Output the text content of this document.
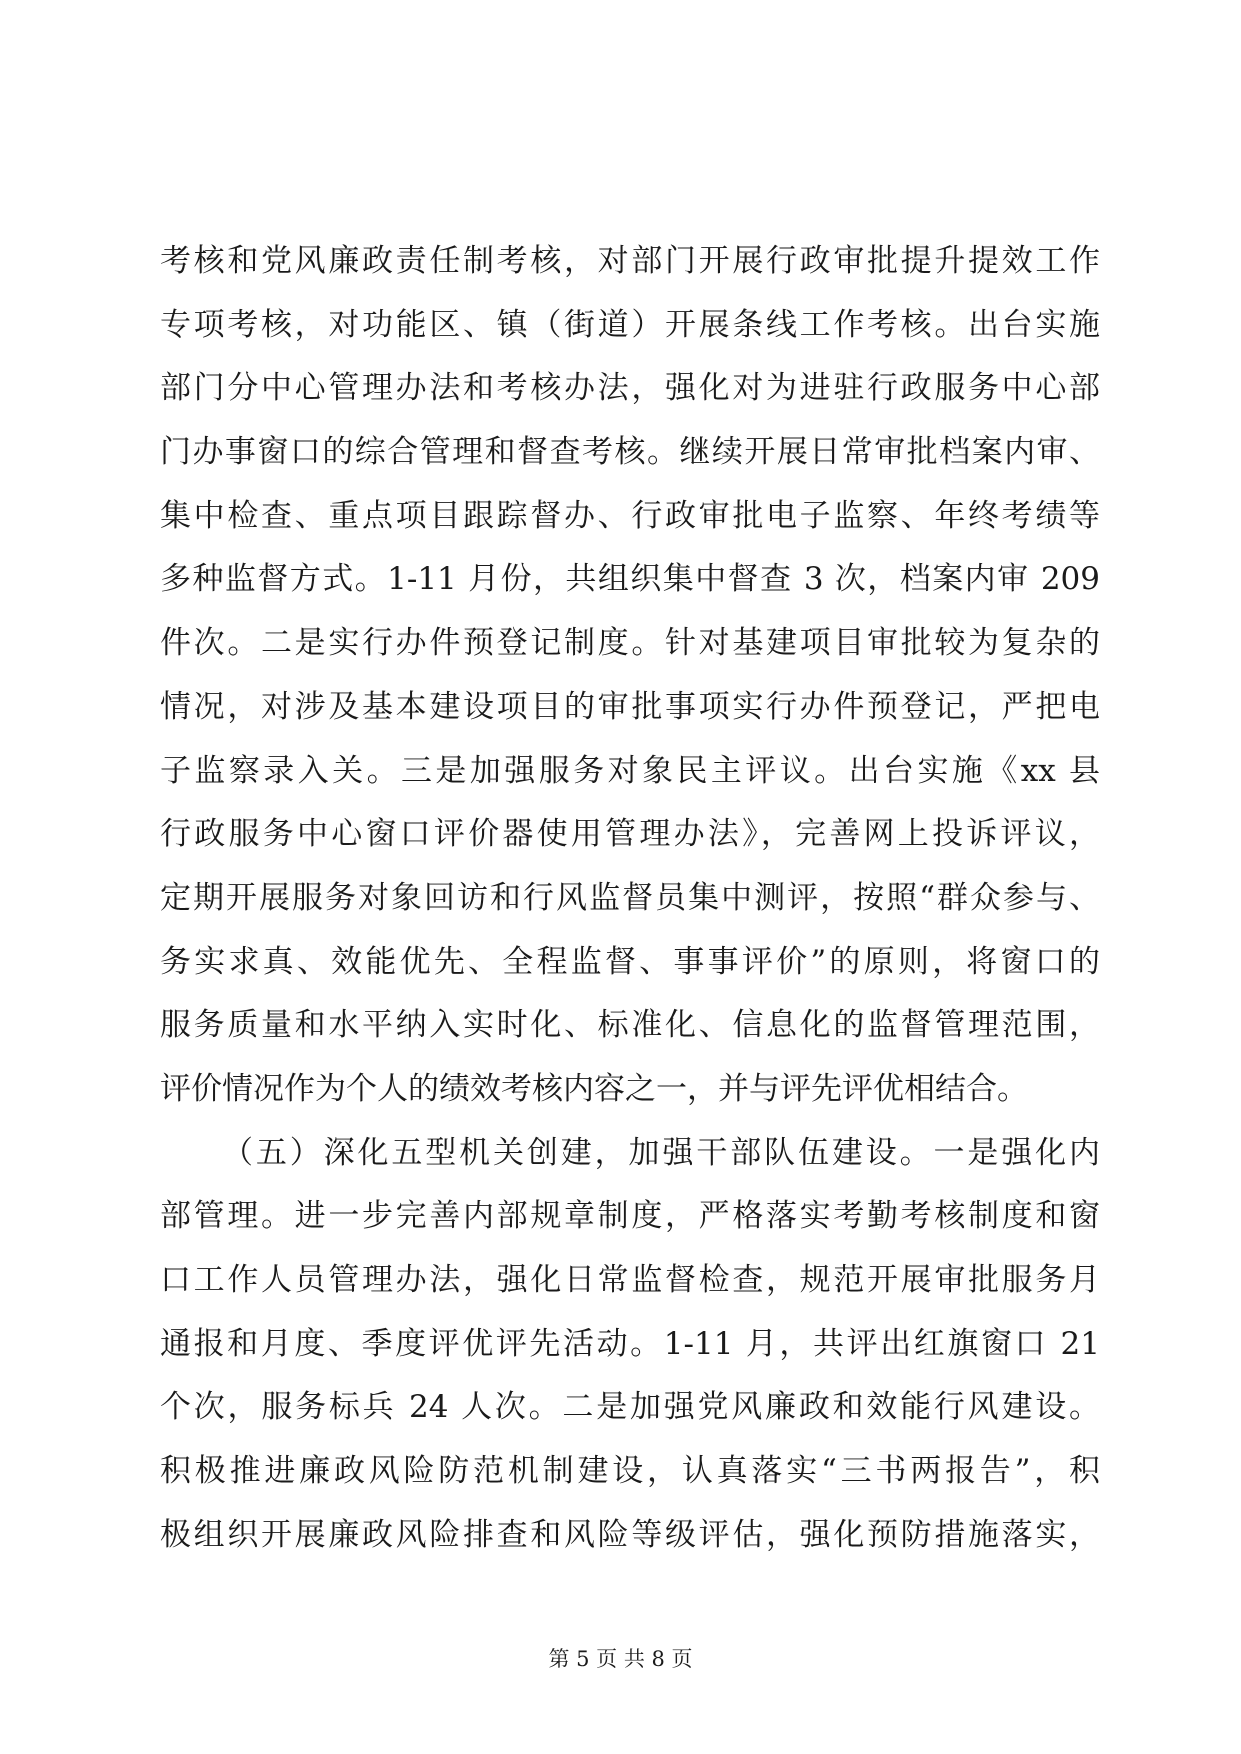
考核和党风廉政责任制考核，对部门开展行政审批提升提效工作
专项考核，对功能区、镇（街道）开展条线工作考核。出台实施
部门分中心管理办法和考核办法，强化对为进驻行政服务中心部
门办事窗口的综合管理和督查考核。继续开展日常审批档案内审、
集中检查、重点项目跟踪督办、行政审批电子监察、年终考绩等
多种监督方式。1-11 月份，共组织集中督查 3 次，档案内审 209
件次。二是实行办件预登记制度。针对基建项目审批较为复杂的
情况，对涉及基本建设项目的审批事项实行办件预登记，严把电
子监察录入关。三是加强服务对象民主评议。出台实施《xx 县
行政服务中心窗口评价器使用管理办法》，完善网上投诉评议，
定期开展服务对象回访和行风监督员集中测评，按照“群众参与、
务实求真、效能优先、全程监督、事事评价”的原则，将窗口的
服务质量和水平纳入实时化、标准化、信息化的监督管理范围，
评价情况作为个人的绩效考核内容之一，并与评先评优相结合。
（五）深化五型机关创建，加强干部队伍建设。一是强化内
部管理。进一步完善内部规章制度，严格落实考勤考核制度和窗
口工作人员管理办法，强化日常监督检查，规范开展审批服务月
通报和月度、季度评优评先活动。1-11 月，共评出红旗窗口 21
个次，服务标兵 24 人次。二是加强党风廉政和效能行风建设。
积极推进廉政风险防范机制建设，认真落实“三书两报告”，积
极组织开展廉政风险排查和风险等级评估，强化预防措施落实，
第 5 页 共 8 页
